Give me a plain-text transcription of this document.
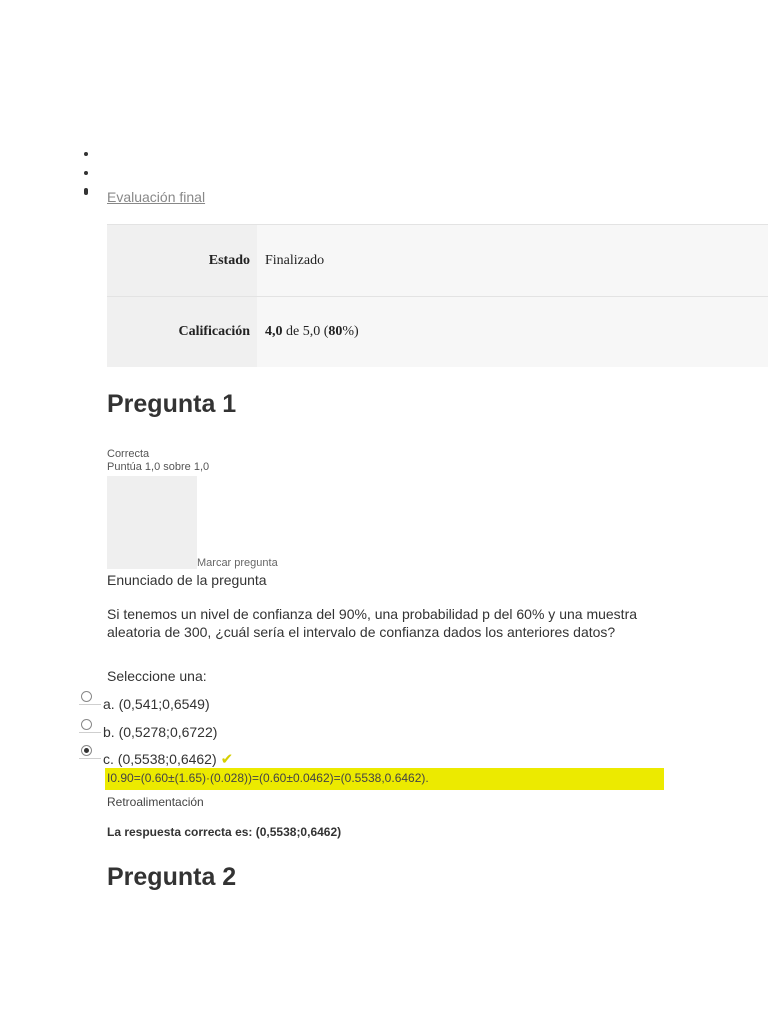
Evaluación final
Estado	Finalizado
Calificación	4,0 de 5,0 ( 80 %)
Pregunta 1
Correcta
Puntúa 1,0 sobre 1,0
Marcar pregunta
Enunciado de la pregunta
Si tenemos un nivel de confianza del 90%, una probabilidad p del 60% y una muestra aleatoria de 300, ¿cuál sería el intervalo de confianza dados los anteriores datos?
Seleccione una:
a. (0,541;0,6549)
b. (0,5278;0,6722)
c. (0,5538;0,6462) ✔
I0.90=(0.60±(1.65)·(0.028))=(0.60±0.0462)=(0.5538,0.6462).
Retroalimentación
La respuesta correcta es: (0,5538;0,6462)
Pregunta 2
